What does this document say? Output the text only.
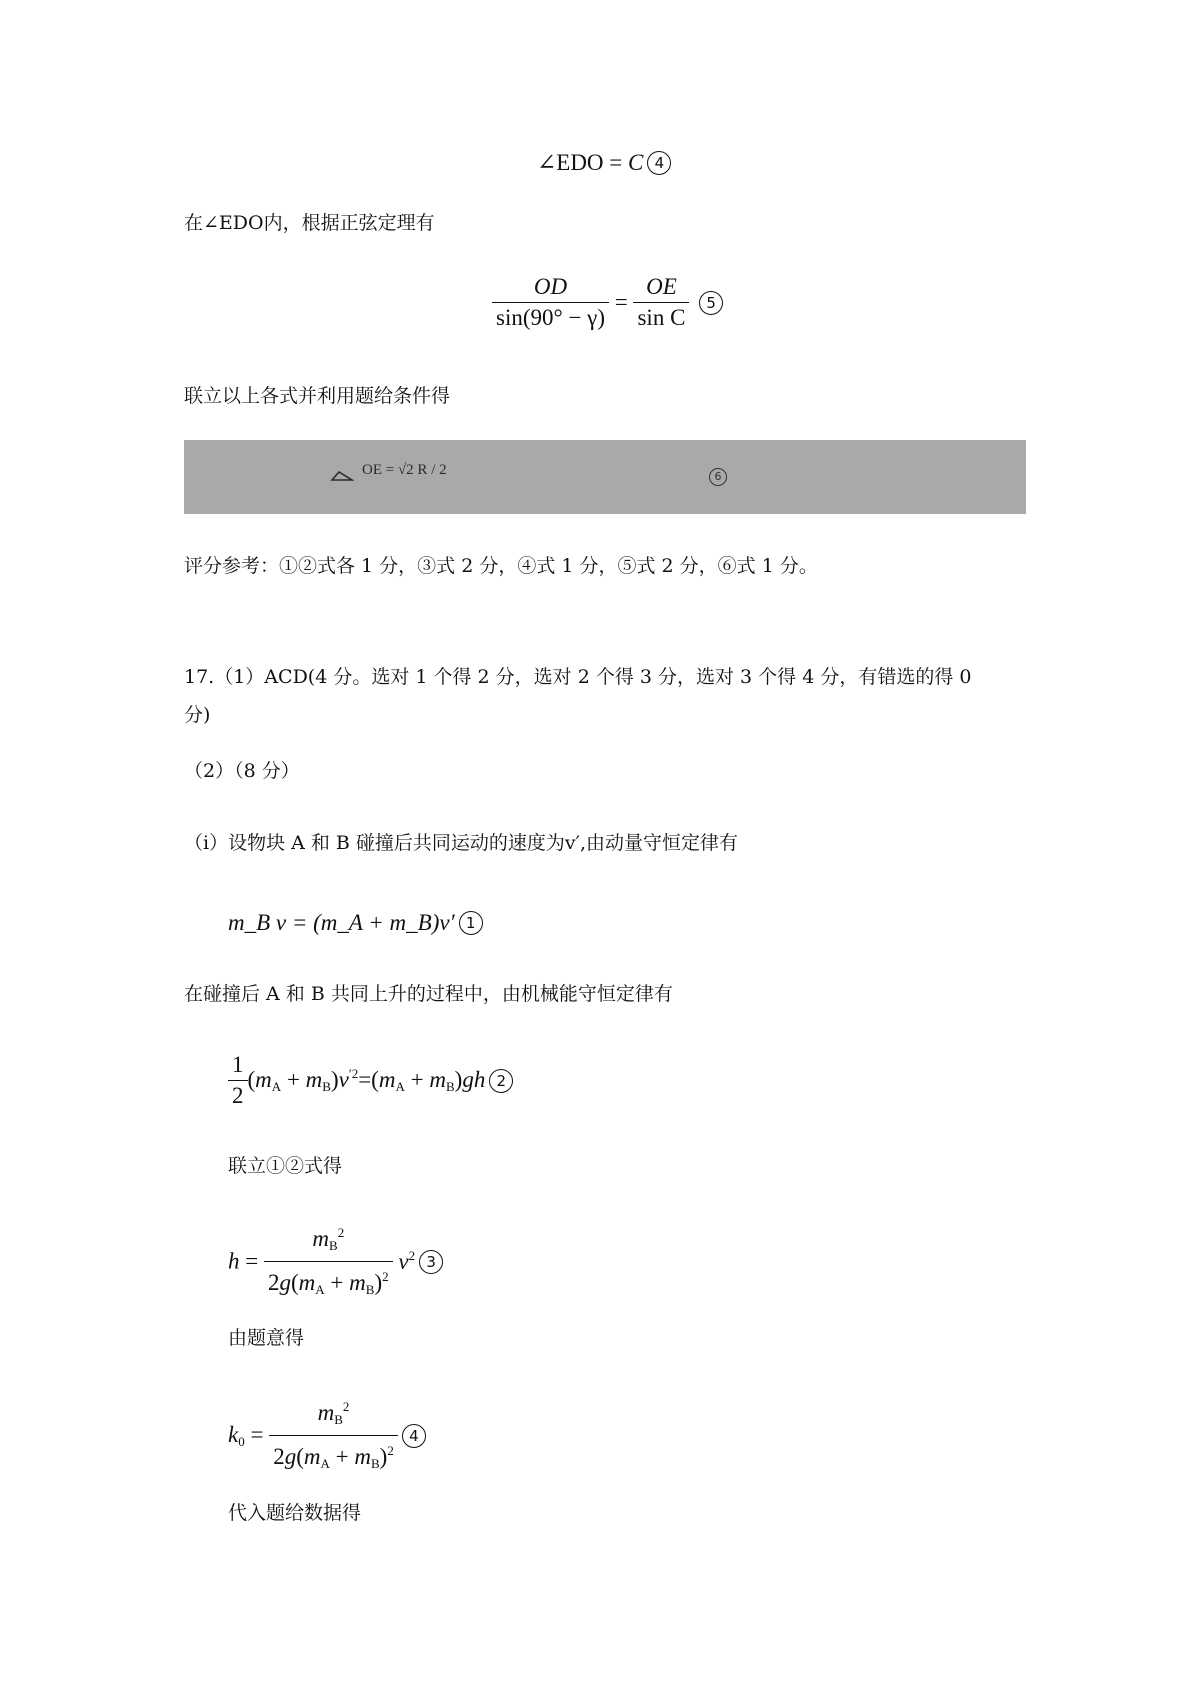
∠EDO = C 4
在∠EDO内，根据正弦定理有
$\frac{OD}{\sin(90^\circ - \gamma)} = \frac{OE}{\text{sin C}} 5$
联立以上各式并利用题给条件得
OE = √2 R / 2	6
评分参考：①②式各 1 分，③式 2 分，④式 1 分，⑤式 2 分，⑥式 1 分。
17.（1）ACD(4 分。选对 1 个得 2 分，选对 2 个得 3 分，选对 3 个得 4 分，有错选的得 0
分)
（2）（8 分）
（i）设物块 A 和 B 碰撞后共同运动的速度为v′,由动量守恒定律有
m_B v = (m_A + m_B)v′ 1
在碰撞后 A 和 B 共同上升的过程中，由机械能守恒定律有
$\frac{1}{2} (m_A + m_B)v^{'2}=(m_A + m_B)gh$ 2
联立①②式得
$h = \frac{m_B^2}{2g(m_A + m_B)^2} v^2$ 3
由题意得
$k_0 = \frac{m_B^2}{2g(m_A + m_B)^2} 4$
代入题给数据得
